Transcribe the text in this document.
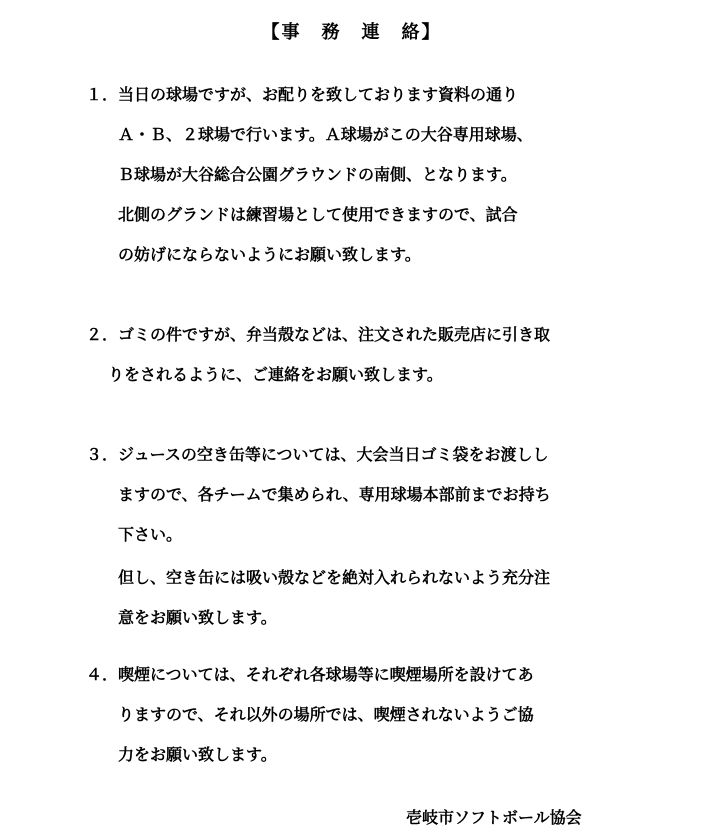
【事　務　連　絡】
１．当日の球場ですが、お配りを致しております資料の通り
Ａ・Ｂ、２球場で行います。Ａ球場がこの大谷専用球場、
Ｂ球場が大谷総合公園グラウンドの南側、となります。
北側のグランドは練習場として使用できますので、試合
の妨げにならないようにお願い致します。
２．ゴミの件ですが、弁当殻などは、注文された販売店に引き取
りをされるように、ご連絡をお願い致します。
３．ジュースの空き缶等については、大会当日ゴミ袋をお渡しし
ますので、各チームで集められ、専用球場本部前までお持ち
下さい。
但し、空き缶には吸い殻などを絶対入れられないよう充分注
意をお願い致します。
４．喫煙については、それぞれ各球場等に喫煙場所を設けてあ
りますので、それ以外の場所では、喫煙されないようご協
力をお願い致します。
壱岐市ソフトボール協会
